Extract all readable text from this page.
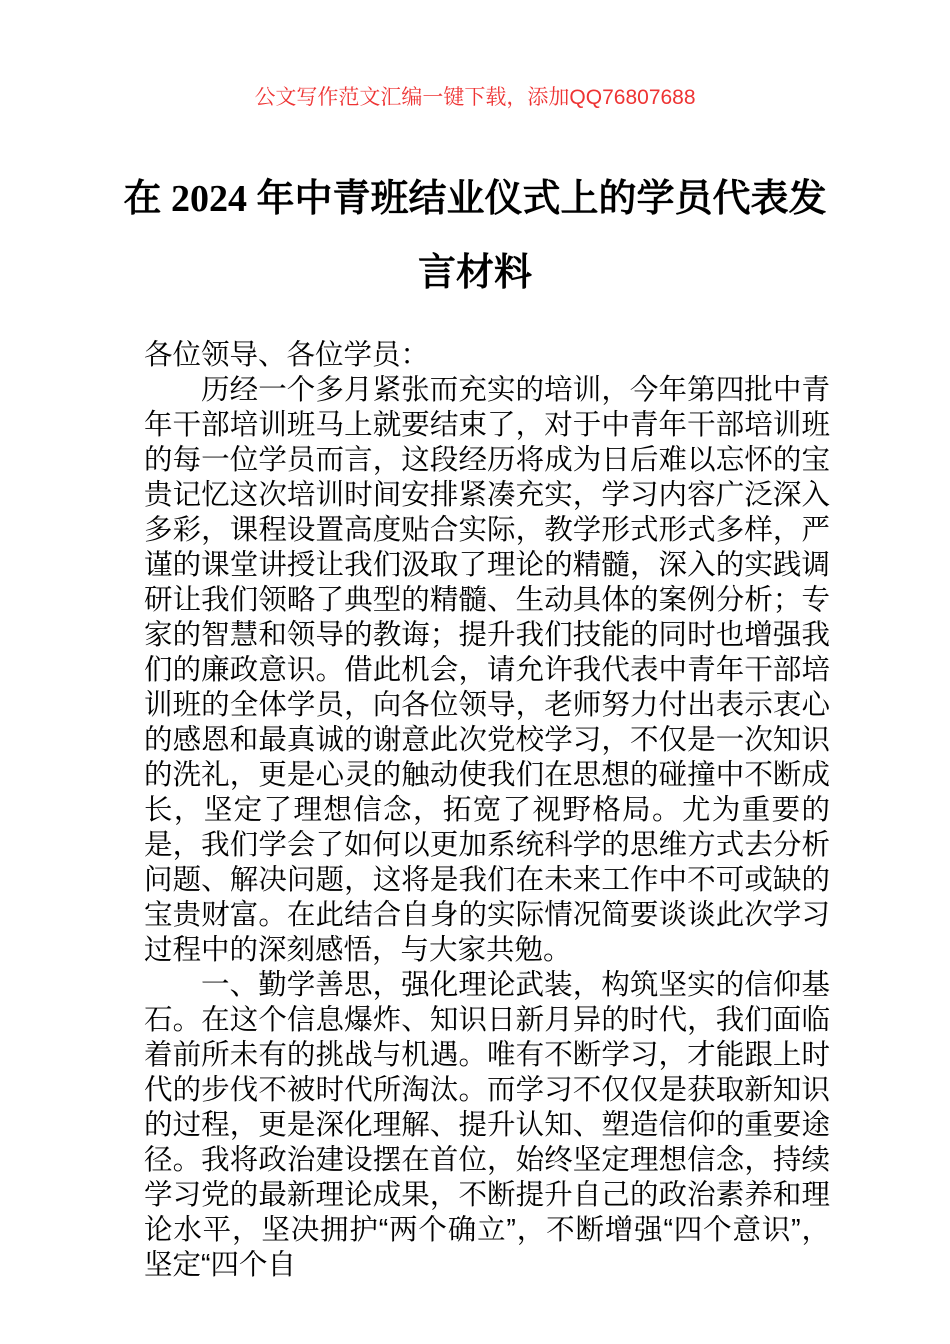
公文写作范文汇编一键下载，添加QQ76807688
在 2024 年中青班结业仪式上的学员代表发言材料

各位领导、各位学员：

历经一个多月紧张而充实的培训，今年第四批中青年干部培训班马上就要结束了，对于中青年干部培训班的每一位学员而言，这段经历将成为日后难以忘怀的宝贵记忆这次培训时间安排紧凑充实，学习内容广泛深入多彩，课程设置高度贴合实际，教学形式形式多样，严谨的课堂讲授让我们汲取了理论的精髓，深入的实践调研让我们领略了典型的精髓、生动具体的案例分析；专家的智慧和领导的教诲；提升我们技能的同时也增强我们的廉政意识。借此机会，请允许我代表中青年干部培训班的全体学员，向各位领导，老师努力付出表示衷心的感恩和最真诚的谢意此次党校学习，不仅是一次知识的洗礼，更是心灵的触动使我们在思想的碰撞中不断成长，坚定了理想信念，拓宽了视野格局。尤为重要的是，我们学会了如何以更加系统科学的思维方式去分析问题、解决问题，这将是我们在未来工作中不可或缺的宝贵财富。在此结合自身的实际情况简要谈谈此次学习过程中的深刻感悟，与大家共勉。

一、勤学善思，强化理论武装，构筑坚实的信仰基石。在这个信息爆炸、知识日新月异的时代，我们面临着前所未有的挑战与机遇。唯有不断学习，才能跟上时代的步伐不被时代所淘汰。而学习不仅仅是获取新知识的过程，更是深化理解、提升认知、塑造信仰的重要途径。我将政治建设摆在首位，始终坚定理想信念，持续学习党的最新理论成果，不断提升自己的政治素养和理论水平，坚决拥护“两个确立”，不断增强“四个意识”，坚定“四个自
